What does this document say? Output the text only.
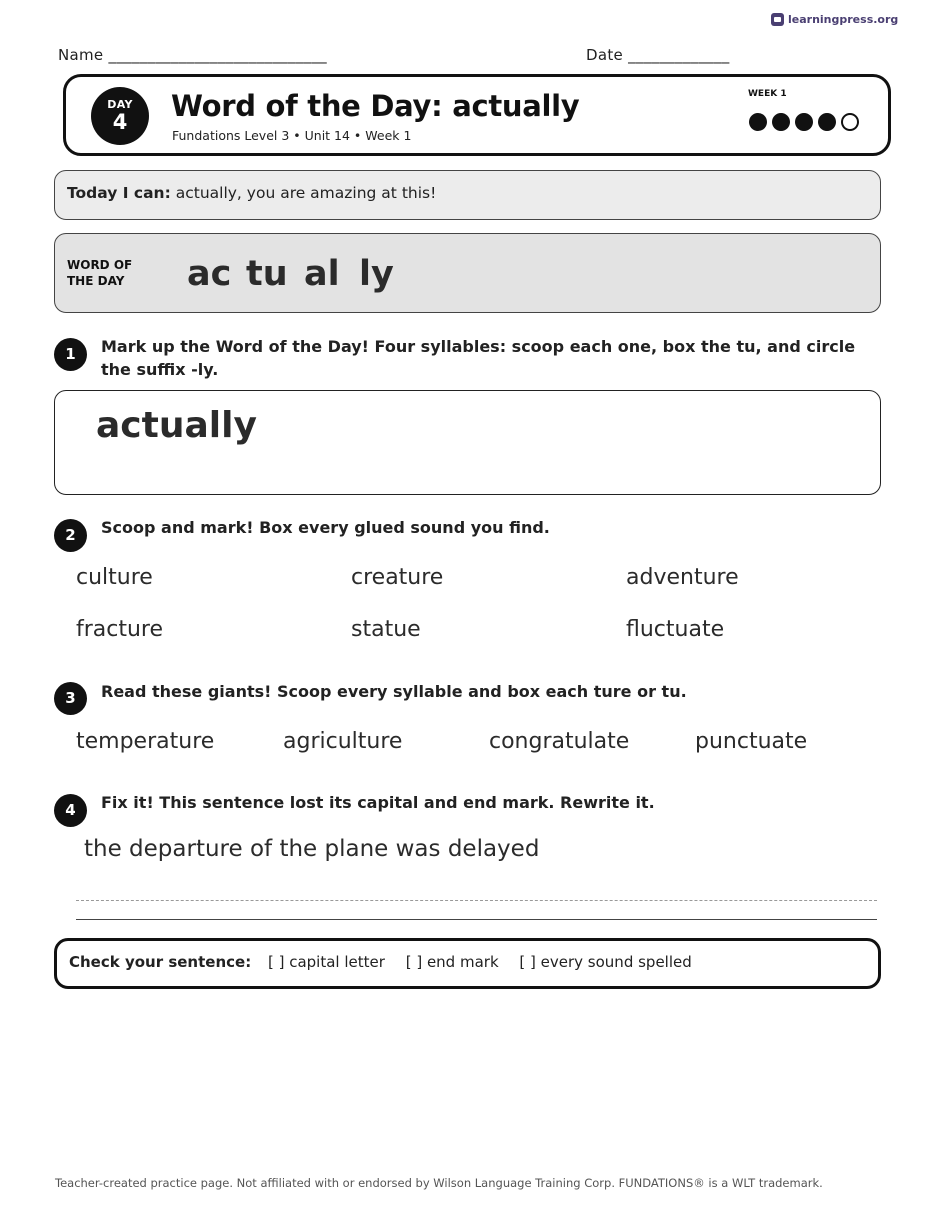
learningpress.org
Name ____________________________	Date _____________
DAY
4	Word of the Day: actually
Fundations Level 3 • Unit 14 • Week 1
WEEK 1
Today I can: actually, you are amazing at this!
WORD OF
THE DAY ac tu al ly
1	Mark up the Word of the Day! Four syllables: scoop each one, box the tu, and circle the suffix -ly.
actually
2	Scoop and mark! Box every glued sound you find.
culture	creature	adventure
fracture	statue	fluctuate
3	Read these giants! Scoop every syllable and box each ture or tu.
temperature	agriculture	congratulate	punctuate
4	Fix it! This sentence lost its capital and end mark. Rewrite it.
the departure of the plane was delayed
Check your sentence: [ ] capital letter [ ] end mark [ ] every sound spelled
Teacher-created practice page. Not affiliated with or endorsed by Wilson Language Training Corp. FUNDATIONS® is a WLT trademark.
